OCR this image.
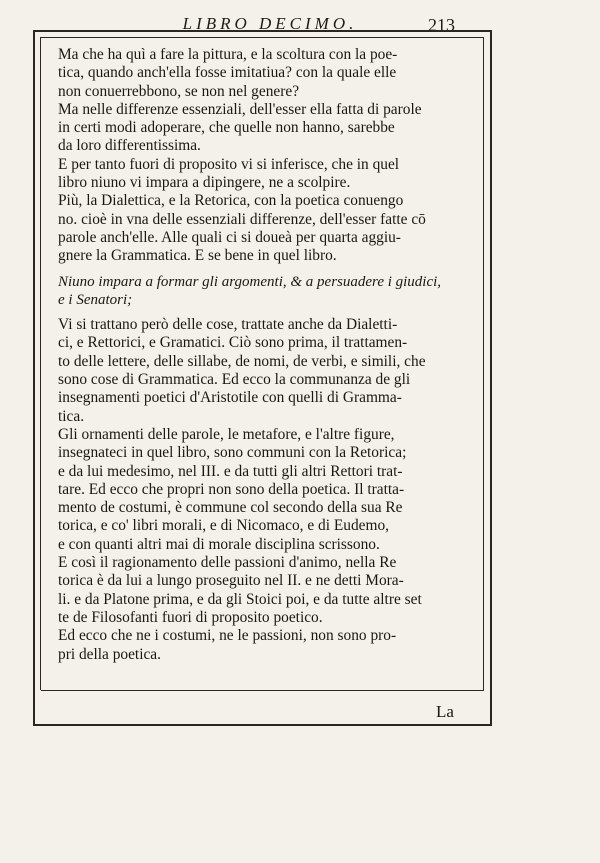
LIBRO DECIMO.	213
Ma che ha quì a fare la pittura, e la scoltura con la poe-
tica, quando anch'ella fosse imitatiua? con la quale elle
non conuerrebbono, se non nel genere?
Ma nelle differenze essenziali, dell'esser ella fatta di parole
in certi modi adoperare, che quelle non hanno, sarebbe
da loro differentissima.
E per tanto fuori di proposito vi si inferisce, che in quel
libro niuno vi impara a dipingere, ne a scolpire.
Più, la Dialettica, e la Retorica, con la poetica conuengo
no. cioè in vna delle essenziali differenze, dell'esser fatte cō
parole anch'elle. Alle quali ci si doueà per quarta aggiu-
gnere la Grammatica. E se bene in quel libro.
Niuno impara a formar gli argomenti, & a persuadere i giudici,
e i Senatori;
Vi si trattano però delle cose, trattate anche da Dialetti-
ci, e Rettorici, e Gramatici. Ciò sono prima, il trattamen-
to delle lettere, delle sillabe, de nomi, de verbi, e simili, che
sono cose di Grammatica. Ed ecco la communanza de gli
insegnamenti poetici d'Aristotile con quelli di Gramma-
tica.
Gli ornamenti delle parole, le metafore, e l'altre figure,
insegnateci in quel libro, sono communi con la Retorica;
e da lui medesimo, nel III. e da tutti gli altri Rettori trat-
tare. Ed ecco che propri non sono della poetica. Il tratta-
mento de costumi, è commune col secondo della sua Re
torica, e co' libri morali, e di Nicomaco, e di Eudemo,
e con quanti altri mai di morale disciplina scrissono.
E così il ragionamento delle passioni d'animo, nella Re
torica è da lui a lungo proseguito nel II. e ne detti Mora-
li. e da Platone prima, e da gli Stoici poi, e da tutte altre set
te de Filosofanti fuori di proposito poetico.
Ed ecco che ne i costumi, ne le passioni, non sono pro-
pri della poetica.
La
